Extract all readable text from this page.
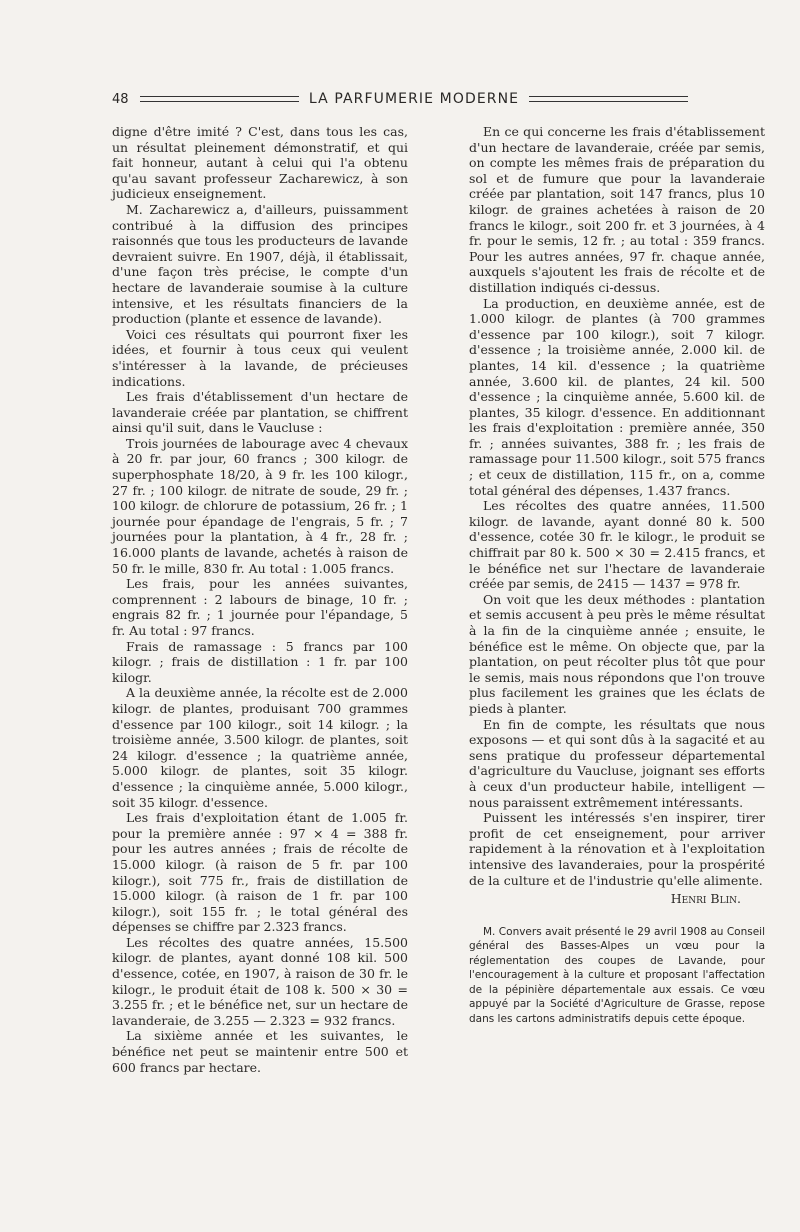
48	LA PARFUMERIE MODERNE

digne d'être imité ? C'est, dans tous les cas, un résultat pleinement démonstratif, et qui fait honneur, autant à celui qui l'a obtenu qu'au savant professeur Zacharewicz, à son judicieux enseignement.

M. Zacharewicz a, d'ailleurs, puissamment contribué à la diffusion des principes raisonnés que tous les producteurs de lavande devraient suivre. En 1907, déjà, il établissait, d'une façon très précise, le compte d'un hectare de lavanderaie soumise à la culture intensive, et les résultats financiers de la production (plante et essence de lavande).

Voici ces résultats qui pourront fixer les idées, et fournir à tous ceux qui veulent s'intéresser à la lavande, de précieuses indications.

Les frais d'établissement d'un hectare de lavanderaie créée par plantation, se chiffrent ainsi qu'il suit, dans le Vaucluse :

Trois journées de labourage avec 4 chevaux à 20 fr. par jour, 60 francs ; 300 kilogr. de superphosphate 18/20, à 9 fr. les 100 kilogr., 27 fr. ; 100 kilogr. de nitrate de soude, 29 fr. ; 100 kilogr. de chlorure de potassium, 26 fr. ; 1 journée pour épandage de l'engrais, 5 fr. ; 7 journées pour la plantation, à 4 fr., 28 fr. ; 16.000 plants de lavande, achetés à raison de 50 fr. le mille, 830 fr. Au total : 1.005 francs.

Les frais, pour les années suivantes, comprennent : 2 labours de binage, 10 fr. ; engrais 82 fr. ; 1 journée pour l'épandage, 5 fr. Au total : 97 francs.

Frais de ramassage : 5 francs par 100 kilogr. ; frais de distillation : 1 fr. par 100 kilogr.

A la deuxième année, la récolte est de 2.000 kilogr. de plantes, produisant 700 grammes d'essence par 100 kilogr., soit 14 kilogr. ; la troisième année, 3.500 kilogr. de plantes, soit 24 kilogr. d'essence ; la quatrième année, 5.000 kilogr. de plantes, soit 35 kilogr. d'essence ; la cinquième année, 5.000 kilogr., soit 35 kilogr. d'essence.

Les frais d'exploitation étant de 1.005 fr. pour la première année : 97 × 4 = 388 fr. pour les autres années ; frais de récolte de 15.000 kilogr. (à raison de 5 fr. par 100 kilogr.), soit 775 fr., frais de distillation de 15.000 kilogr. (à raison de 1 fr. par 100 kilogr.), soit 155 fr. ; le total général des dépenses se chiffre par 2.323 francs.

Les récoltes des quatre années, 15.500 kilogr. de plantes, ayant donné 108 kil. 500 d'essence, cotée, en 1907, à raison de 30 fr. le kilogr., le produit était de 108 k. 500 × 30 = 3.255 fr. ; et le bénéfice net, sur un hectare de lavanderaie, de 3.255 — 2.323 = 932 francs.

La sixième année et les suivantes, le bénéfice net peut se maintenir entre 500 et 600 francs par hectare.

En ce qui concerne les frais d'établissement d'un hectare de lavanderaie, créée par semis, on compte les mêmes frais de préparation du sol et de fumure que pour la lavanderaie créée par plantation, soit 147 francs, plus 10 kilogr. de graines achetées à raison de 20 francs le kilogr., soit 200 fr. et 3 journées, à 4 fr. pour le semis, 12 fr. ; au total : 359 francs. Pour les autres années, 97 fr. chaque année, auxquels s'ajoutent les frais de récolte et de distillation indiqués ci-dessus.

La production, en deuxième année, est de 1.000 kilogr. de plantes (à 700 grammes d'essence par 100 kilogr.), soit 7 kilogr. d'essence ; la troisième année, 2.000 kil. de plantes, 14 kil. d'essence ; la quatrième année, 3.600 kil. de plantes, 24 kil. 500 d'essence ; la cinquième année, 5.600 kil. de plantes, 35 kilogr. d'essence. En additionnant les frais d'exploitation : première année, 350 fr. ; années suivantes, 388 fr. ; les frais de ramassage pour 11.500 kilogr., soit 575 francs ; et ceux de distillation, 115 fr., on a, comme total général des dépenses, 1.437 francs.

Les récoltes des quatre années, 11.500 kilogr. de lavande, ayant donné 80 k. 500 d'essence, cotée 30 fr. le kilogr., le produit se chiffrait par 80 k. 500 × 30 = 2.415 francs, et le bénéfice net sur l'hectare de lavanderaie créée par semis, de 2415 — 1437 = 978 fr.

On voit que les deux méthodes : plantation et semis accusent à peu près le même résultat à la fin de la cinquième année ; ensuite, le bénéfice est le même. On objecte que, par la plantation, on peut récolter plus tôt que pour le semis, mais nous répondons que l'on trouve plus facilement les graines que les éclats de pieds à planter.

En fin de compte, les résultats que nous exposons — et qui sont dûs à la sagacité et au sens pratique du professeur départemental d'agriculture du Vaucluse, joignant ses efforts à ceux d'un producteur habile, intelligent — nous paraissent extrêmement intéressants.

Puissent les intéressés s'en inspirer, tirer profit de cet enseignement, pour arriver rapidement à la rénovation et à l'exploitation intensive des lavanderaies, pour la prospérité de la culture et de l'industrie qu'elle alimente.

Henri Blin.
M. Convers avait présenté le 29 avril 1908 au Conseil général des Basses-Alpes un vœu pour la réglementation des coupes de Lavande, pour l'encouragement à la culture et proposant l'affectation de la pépinière départementale aux essais. Ce vœu appuyé par la Société d'Agriculture de Grasse, repose dans les cartons administratifs depuis cette époque.
